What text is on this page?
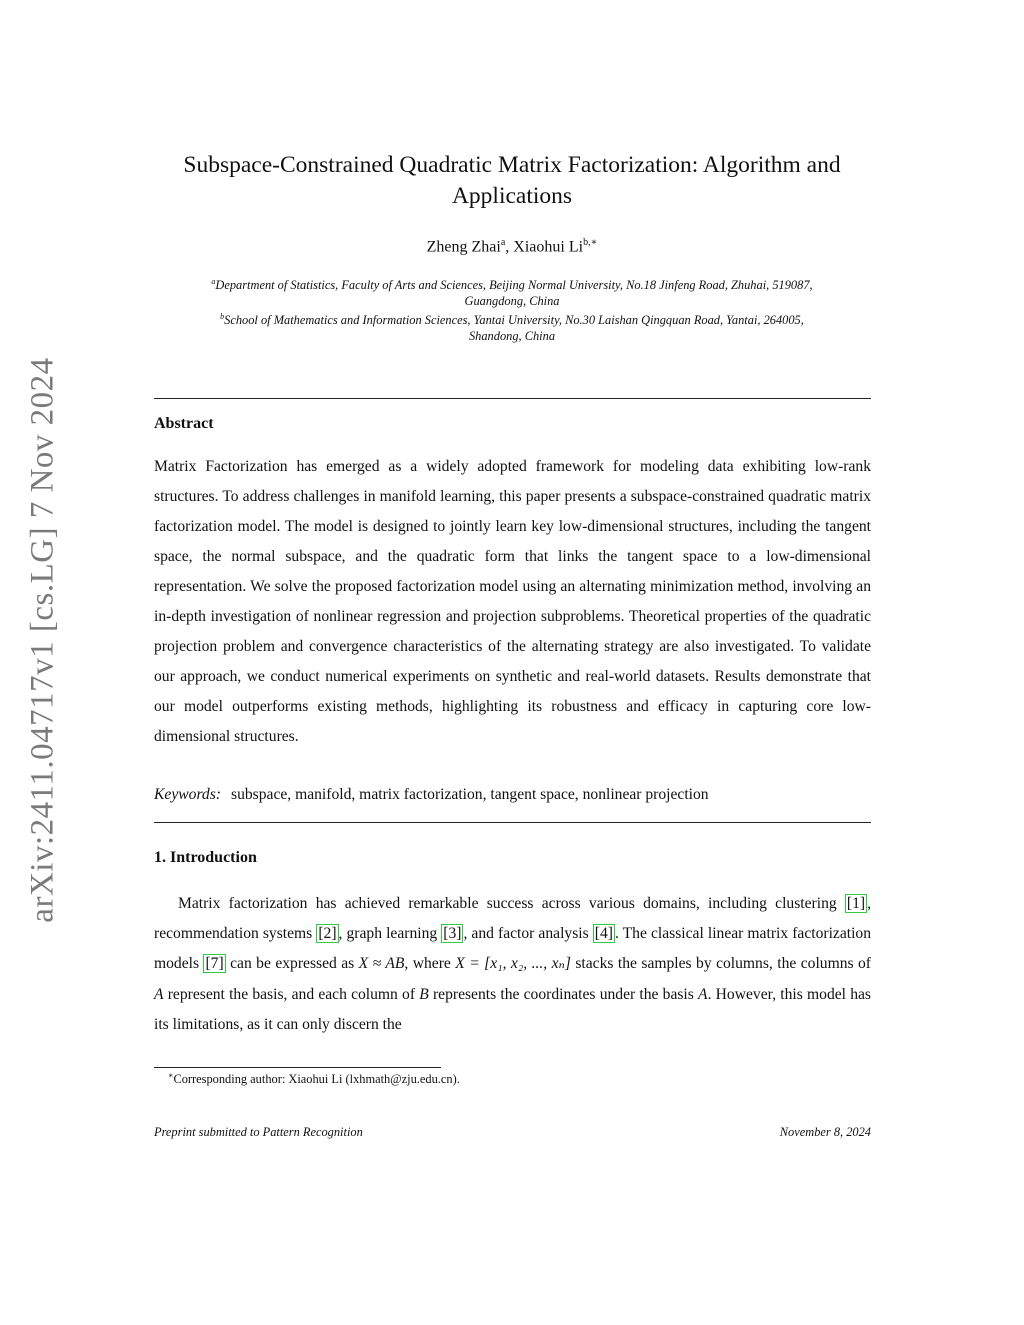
arXiv:2411.04717v1 [cs.LG] 7 Nov 2024
Subspace-Constrained Quadratic Matrix Factorization: Algorithm and Applications
Zheng Zhai$^a$, Xiaohui $Li^{b,∗}$
$^a$Department of Statistics, Faculty of Arts and Sciences, Beijing Normal University, No.18 Jinfeng Road, Zhuhai, 519087, Guangdong, China
$^b$School of Mathematics and Information Sciences, Yantai University, No.30 Laishan Qingquan Road, Yantai, 264005, Shandong, China
Abstract

Matrix Factorization has emerged as a widely adopted framework for modeling data exhibiting low-rank structures. To address challenges in manifold learning, this paper presents a subspace-constrained quadratic matrix factorization model. The model is designed to jointly learn key low-dimensional structures, including the tangent space, the normal subspace, and the quadratic form that links the tangent space to a low-dimensional representation. We solve the proposed factorization model using an alternating minimization method, involving an in-depth investigation of nonlinear regression and projection subproblems. Theoretical properties of the quadratic projection problem and convergence characteristics of the alternating strategy are also investigated. To validate our approach, we conduct numerical experiments on synthetic and real-world datasets. Results demonstrate that our model outperforms existing methods, highlighting its robustness and efficacy in capturing core low-dimensional structures.

Keywords: subspace, manifold, matrix factorization, tangent space, nonlinear projection
1. Introduction

Matrix factorization has achieved remarkable success across various domains, including clustering [1] , recommendation systems [2] , graph learning [3] , and factor analysis [4] . The classical linear matrix factorization models [7] can be expressed as X ≈ AB, where X = [x₁, x₂, ..., xₙ] stacks the samples by columns, the columns of A represent the basis, and each column of B represents the coordinates under the basis A. However, this model has its limitations, as it can only discern the

∗Corresponding author: Xiaohui Li (lxhmath@zju.edu.cn).
Preprint submitted to Pattern Recognition	November 8, 2024
